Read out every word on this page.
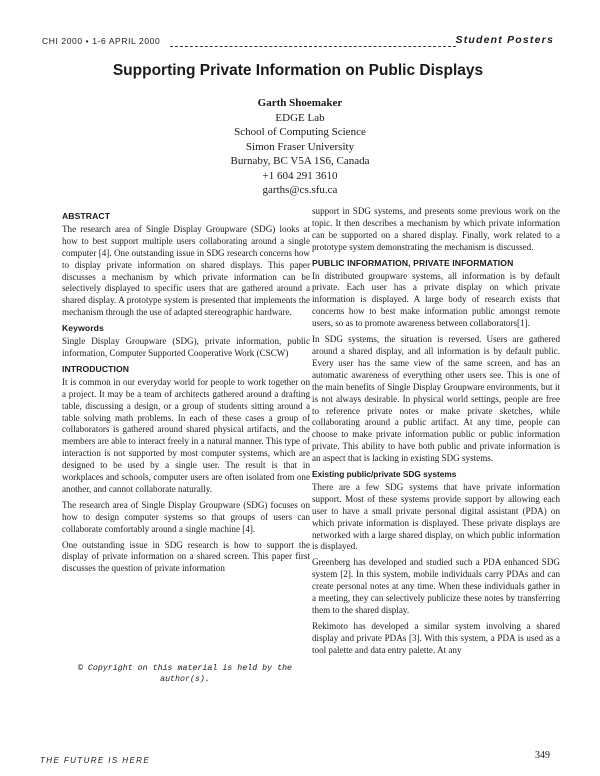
CHI 2000 • 1-6 APRIL 2000	Student Posters
Supporting Private Information on Public Displays
Garth Shoemaker
EDGE Lab
School of Computing Science
Simon Fraser University
Burnaby, BC V5A 1S6, Canada
+1 604 291 3610
garths@cs.sfu.ca
ABSTRACT

The research area of Single Display Groupware (SDG) looks at how to best support multiple users collaborating around a single computer [4]. One outstanding issue in SDG research concerns how to display private information on shared displays. This paper discusses a mechanism by which private information can be selectively displayed to specific users that are gathered around a shared display. A prototype system is presented that implements the mechanism through the use of adapted stereographic hardware.

Keywords

Single Display Groupware (SDG), private information, public information, Computer Supported Cooperative Work (CSCW)

INTRODUCTION

It is common in our everyday world for people to work together on a project. It may be a team of architects gathered around a drafting table, discussing a design, or a group of students sitting around a table solving math problems. In each of these cases a group of collaborators is gathered around shared physical artifacts, and the members are able to interact freely in a natural manner. This type of interaction is not supported by most computer systems, which are designed to be used by a single user. The result is that in workplaces and schools, computer users are often isolated from one another, and cannot collaborate naturally.

The research area of Single Display Groupware (SDG) focuses on how to design computer systems so that groups of users can collaborate comfortably around a single machine [4].

One outstanding issue in SDG research is how to support the display of private information on a shared screen. This paper first discusses the question of private information

support in SDG systems, and presents some previous work on the topic. It then describes a mechanism by which private information can be supported on a shared display. Finally, work related to a prototype system demonstrating the mechanism is discussed.

PUBLIC INFORMATION, PRIVATE INFORMATION

In distributed groupware systems, all information is by default private. Each user has a private display on which private information is displayed. A large body of research exists that concerns how to best make information public amongst remote users, so as to promote awareness between collaborators[1].

In SDG systems, the situation is reversed. Users are gathered around a shared display, and all information is by default public. Every user has the same view of the same screen, and has an automatic awareness of everything other users see. This is one of the main benefits of Single Display Groupware environments, but it is not always desirable. In physical world settings, people are free to reference private notes or make private sketches, while collaborating around a public artifact. At any time, people can choose to make private information public or public information private. This ability to have both public and private information is an aspect that is lacking in existing SDG systems.

Existing public/private SDG systems

There are a few SDG systems that have private information support. Most of these systems provide support by allowing each user to have a small private personal digital assistant (PDA) on which private information is displayed. These private displays are networked with a large shared display, on which public information is displayed.

Greenberg has developed and studied such a PDA enhanced SDG system [2]. In this system, mobile individuals carry PDAs and can create personal notes at any time. When these individuals gather in a meeting, they can selectively publicize these notes by transferring them to the shared display.

Rekimoto has developed a similar system involving a shared display and private PDAs [3]. With this system, a PDA is used as a tool palette and data entry palette. At any

© Copyright on this material is held by the author(s).
THE FUTURE IS HERE	349
